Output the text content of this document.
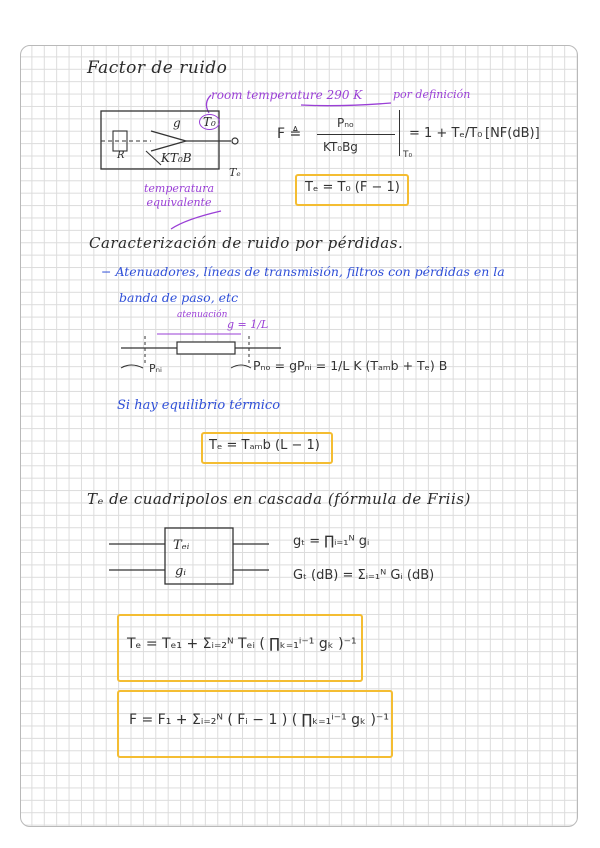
Factor de ruido
room temperature 290 K	por definición
g	T₀
R	KT₀B
Tₑ
temperatura equivalente
F ≜
Pₙₒ
KT₀Bg
T₀
= 1 + Tₑ/T₀ [NF(dB)]
Tₑ = T₀ (F − 1)
Caracterización de ruido por pérdidas.
− Atenuadores, líneas de transmisión, filtros con pérdidas en la
banda de paso, etc
atenuación
g = 1/L
Pₙᵢ	Pₙₒ = gPₙᵢ = 1/L K (Tₐₘb + Tₑ) B
Si hay equilibrio térmico
Tₑ = Tₐₘb (L − 1)
Tₑ de cuadripolos en cascada (fórmula de Friis)
Tₑᵢ
gᵢ
gₜ = ∏ᵢ₌₁ᴺ gᵢ
Gₜ (dB) = Σᵢ₌₁ᴺ Gᵢ (dB)
Tₑ = Tₑ₁ + Σᵢ₌₂ᴺ Tₑᵢ ( ∏ₖ₌₁ⁱ⁻¹ gₖ )⁻¹
F = F₁ + Σᵢ₌₂ᴺ ( Fᵢ − 1 ) ( ∏ₖ₌₁ⁱ⁻¹ gₖ )⁻¹
